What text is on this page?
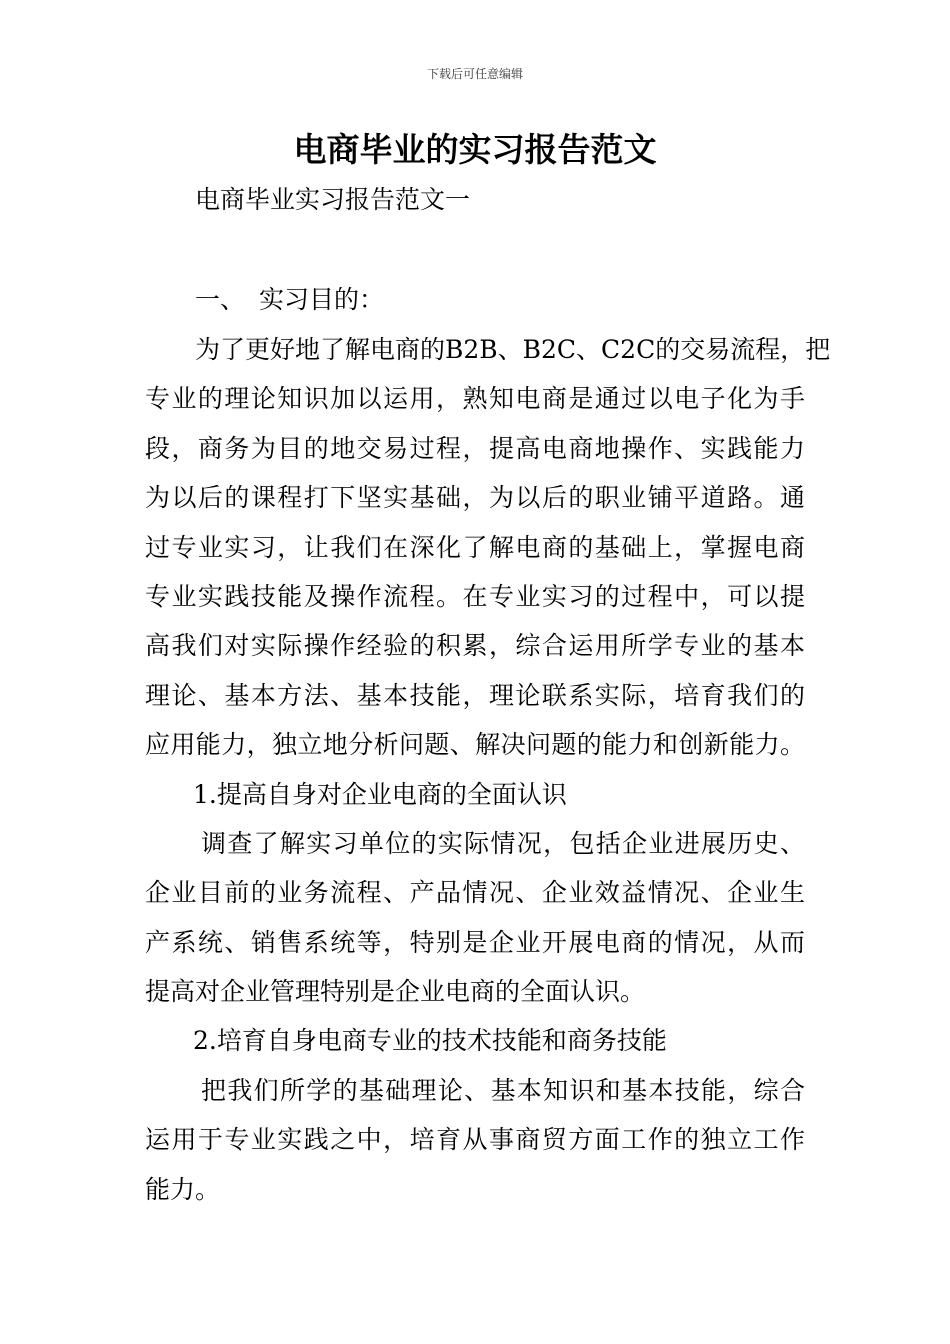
下载后可任意编辑
电商毕业的实习报告范文
电商毕业实习报告范文一
一、 实习目的：
为了更好地了解电商的B2B、B2C、C2C的交易流程，把
专业的理论知识加以运用，熟知电商是通过以电子化为手
段，商务为目的地交易过程，提高电商地操作、实践能力
为以后的课程打下坚实基础，为以后的职业铺平道路。通
过专业实习，让我们在深化了解电商的基础上，掌握电商
专业实践技能及操作流程。在专业实习的过程中，可以提
高我们对实际操作经验的积累，综合运用所学专业的基本
理论、基本方法、基本技能，理论联系实际，培育我们的
应用能力，独立地分析问题、解决问题的能力和创新能力。
1.提高自身对企业电商的全面认识
调查了解实习单位的实际情况，包括企业进展历史、
企业目前的业务流程、产品情况、企业效益情况、企业生
产系统、销售系统等，特别是企业开展电商的情况，从而
提高对企业管理特别是企业电商的全面认识。
2.培育自身电商专业的技术技能和商务技能
把我们所学的基础理论、基本知识和基本技能，综合
运用于专业实践之中，培育从事商贸方面工作的独立工作
能力。
